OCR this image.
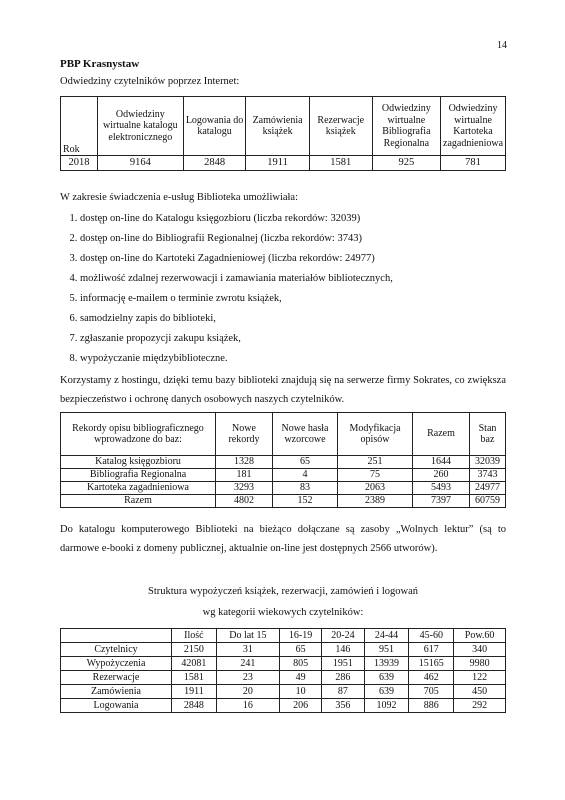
14
PBP Krasnystaw
Odwiedziny czytelników poprzez Internet:
Rok	Odwiedziny wirtualne katalogu elektronicznego	Logowania do katalogu	Zamówienia książek	Rezerwacje książek	Odwiedziny wirtualne Bibliografia Regionalna	Odwiedziny wirtualne Kartoteka zagadnieniowa
2018	9164	2848	1911	1581	925	781
W zakresie świadczenia e-usług Biblioteka umożliwiała:
1. dostęp on-line do Katalogu księgozbioru (liczba rekordów: 32039)
2. dostęp on-line do Bibliografii Regionalnej (liczba rekordów: 3743)
3. dostęp on-line do Kartoteki Zagadnieniowej (liczba rekordów: 24977)
4. możliwość zdalnej rezerwowacji i zamawiania materiałów bibliotecznych,
5. informację e-mailem o terminie zwrotu książek,
6. samodzielny zapis do biblioteki,
7. zgłaszanie propozycji zakupu książek,
8. wypożyczanie międzybiblioteczne.
Korzystamy z hostingu, dzięki temu bazy biblioteki znajdują się na serwerze firmy Sokrates, co zwiększa bezpieczeństwo i ochronę danych osobowych naszych czytelników.
Rekordy opisu bibliograficznego wprowadzone do baz:	Nowe rekordy	Nowe hasła wzorcowe	Modyfikacja opisów	Razem	Stan baz
Katalog księgozbioru	1328	65	251	1644	32039
Bibliografia Regionalna	181	4	75	260	3743
Kartoteka zagadnieniowa	3293	83	2063	5493	24977
Razem	4802	152	2389	7397	60759
Do katalogu komputerowego Biblioteki na bieżąco dołączane są zasoby „Wolnych lektur” (są to darmowe e-booki z domeny publicznej, aktualnie on-line jest dostępnych 2566 utworów).
Struktura wypożyczeń książek, rezerwacji, zamówień i logowań
wg kategorii wiekowych czytelników:
	Ilość	Do lat 15	16-19	20-24	24-44	45-60	Pow.60
Czytelnicy	2150	31	65	146	951	617	340
Wypożyczenia	42081	241	805	1951	13939	15165	9980
Rezerwacje	1581	23	49	286	639	462	122
Zamówienia	1911	20	10	87	639	705	450
Logowania	2848	16	206	356	1092	886	292
